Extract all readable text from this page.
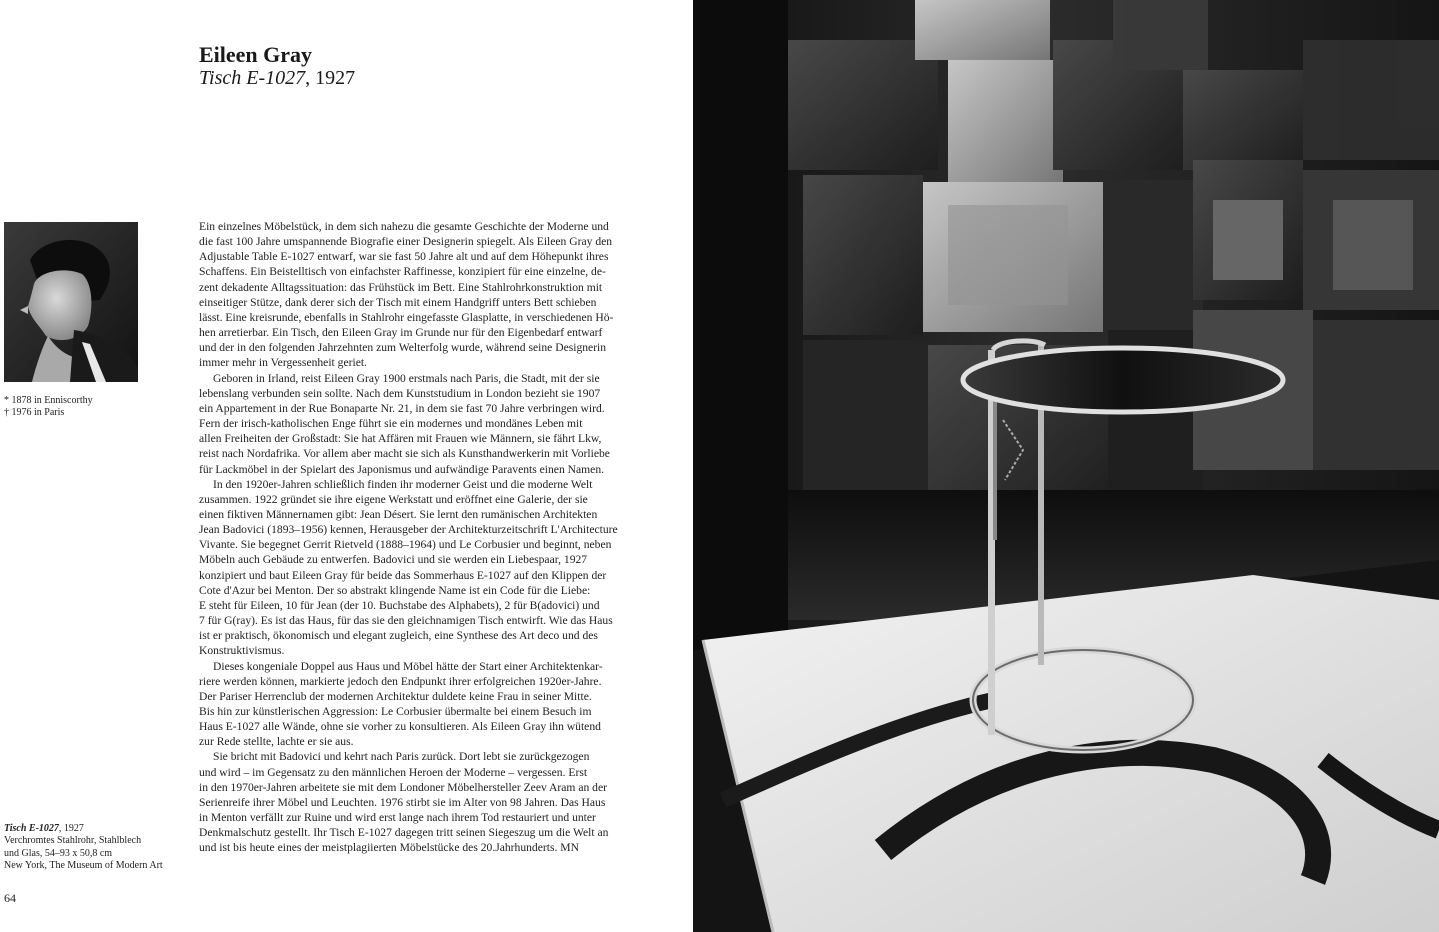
Eileen Gray
Tisch E-1027, 1927
* 1878 in Enniscorthy
† 1976 in Paris
Ein einzelnes Möbelstück, in dem sich nahezu die gesamte Geschichte der Moderne und
die fast 100 Jahre umspannende Biografie einer Designerin spiegelt. Als Eileen Gray den
Adjustable Table E-1027 entwarf, war sie fast 50 Jahre alt und auf dem Höhepunkt ihres
Schaffens. Ein Beistelltisch von einfachster Raffinesse, konzipiert für eine einzelne, de-
zent dekadente Alltagssituation: das Frühstück im Bett. Eine Stahlrohrkonstruktion mit
einseitiger Stütze, dank derer sich der Tisch mit einem Handgriff unters Bett schieben
lässt. Eine kreisrunde, ebenfalls in Stahlrohr eingefasste Glasplatte, in verschiedenen Hö-
hen arretierbar. Ein Tisch, den Eileen Gray im Grunde nur für den Eigenbedarf entwarf
und der in den folgenden Jahrzehnten zum Welterfolg wurde, während seine Designerin
immer mehr in Vergessenheit geriet.
Geboren in Irland, reist Eileen Gray 1900 erstmals nach Paris, die Stadt, mit der sie
lebenslang verbunden sein sollte. Nach dem Kunststudium in London bezieht sie 1907
ein Appartement in der Rue Bonaparte Nr. 21, in dem sie fast 70 Jahre verbringen wird.
Fern der irisch-katholischen Enge führt sie ein modernes und mondänes Leben mit
allen Freiheiten der Großstadt: Sie hat Affären mit Frauen wie Männern, sie fährt Lkw,
reist nach Nordafrika. Vor allem aber macht sie sich als Kunsthandwerkerin mit Vorliebe
für Lackmöbel in der Spielart des Japonismus und aufwändige Paravents einen Namen.
In den 1920er-Jahren schließlich finden ihr moderner Geist und die moderne Welt
zusammen. 1922 gründet sie ihre eigene Werkstatt und eröffnet eine Galerie, der sie
einen fiktiven Männernamen gibt: Jean Désert. Sie lernt den rumänischen Architekten
Jean Badovici (1893–1956) kennen, Herausgeber der Architekturzeitschrift L'Architecture
Vivante. Sie begegnet Gerrit Rietveld (1888–1964) und Le Corbusier und beginnt, neben
Möbeln auch Gebäude zu entwerfen. Badovici und sie werden ein Liebespaar, 1927
konzipiert und baut Eileen Gray für beide das Sommerhaus E-1027 auf den Klippen der
Cote d'Azur bei Menton. Der so abstrakt klingende Name ist ein Code für die Liebe:
E steht für Eileen, 10 für Jean (der 10. Buchstabe des Alphabets), 2 für B(adovici) und
7 für G(ray). Es ist das Haus, für das sie den gleichnamigen Tisch entwirft. Wie das Haus
ist er praktisch, ökonomisch und elegant zugleich, eine Synthese des Art deco und des
Konstruktivismus.
Dieses kongeniale Doppel aus Haus und Möbel hätte der Start einer Architektenkar-
riere werden können, markierte jedoch den Endpunkt ihrer erfolgreichen 1920er-Jahre.
Der Pariser Herrenclub der modernen Architektur duldete keine Frau in seiner Mitte.
Bis hin zur künstlerischen Aggression: Le Corbusier übermalte bei einem Besuch im
Haus E-1027 alle Wände, ohne sie vorher zu konsultieren. Als Eileen Gray ihn wütend
zur Rede stellte, lachte er sie aus.
Sie bricht mit Badovici und kehrt nach Paris zurück. Dort lebt sie zurückgezogen
und wird – im Gegensatz zu den männlichen Heroen der Moderne – vergessen. Erst
in den 1970er-Jahren arbeitete sie mit dem Londoner Möbelhersteller Zeev Aram an der
Serienreife ihrer Möbel und Leuchten. 1976 stirbt sie im Alter von 98 Jahren. Das Haus
in Menton verfällt zur Ruine und wird erst lange nach ihrem Tod restauriert und unter
Denkmalschutz gestellt. Ihr Tisch E-1027 dagegen tritt seinen Siegeszug um die Welt an
und ist bis heute eines der meistplagiierten Möbelstücke des 20.Jahrhunderts. MN
Tisch E-1027, 1927
Verchromtes Stahlrohr, Stahlblech
und Glas, 54–93 x 50,8 cm
New York, The Museum of Modern Art
64
